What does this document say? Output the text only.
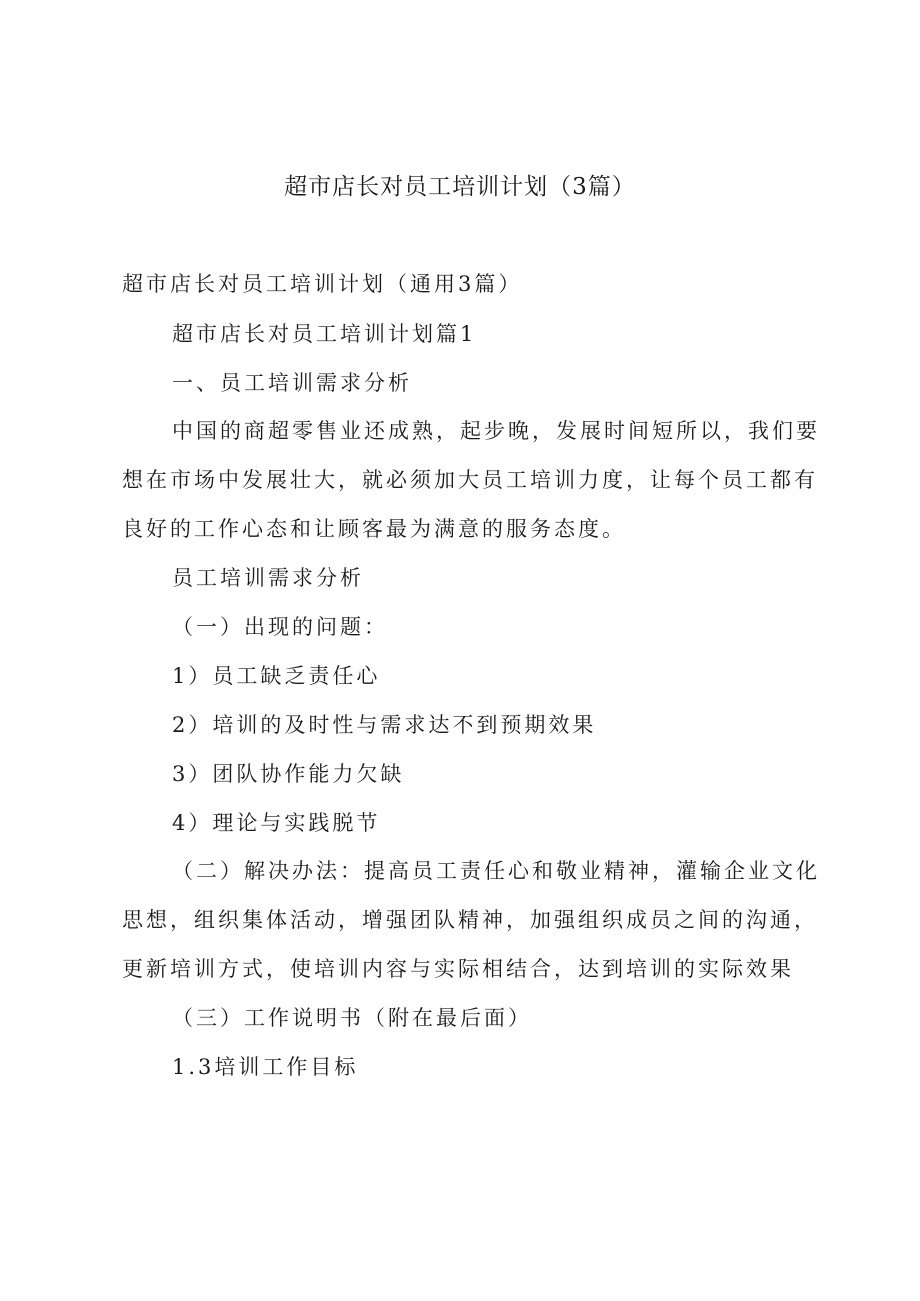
超市店长对员工培训计划（3篇）
超市店长对员工培训计划（通用3篇）
超市店长对员工培训计划篇1
一、员工培训需求分析

中国的商超零售业还成熟，起步晚，发展时间短所以，我们要想在市场中发展壮大，就必须加大员工培训力度，让每个员工都有良好的工作心态和让顾客最为满意的服务态度。

员工培训需求分析
（一）出现的问题：
1）员工缺乏责任心
2）培训的及时性与需求达不到预期效果
3）团队协作能力欠缺
4）理论与实践脱节

（二）解决办法：提高员工责任心和敬业精神，灌输企业文化思想，组织集体活动，增强团队精神，加强组织成员之间的沟通，更新培训方式，使培训内容与实际相结合，达到培训的实际效果

（三）工作说明书（附在最后面）
1.3培训工作目标
